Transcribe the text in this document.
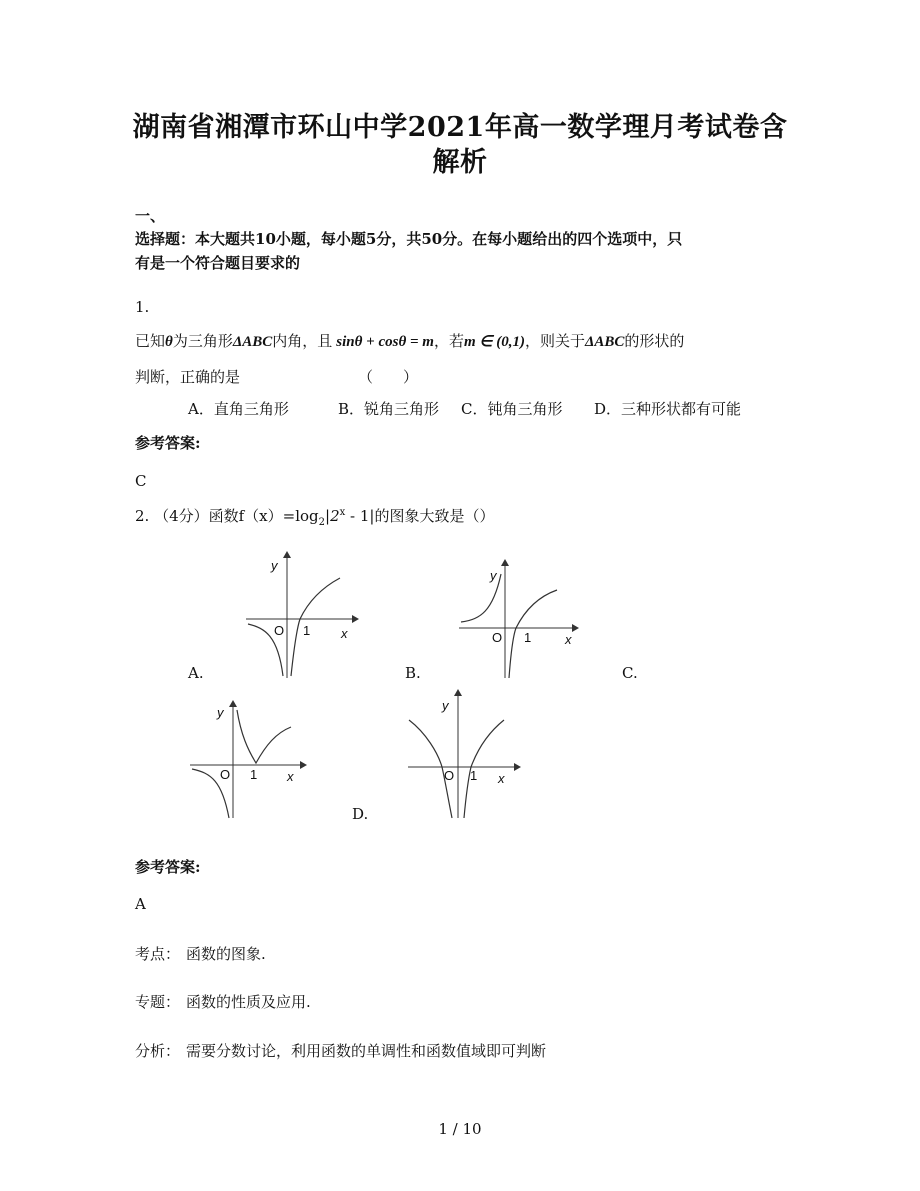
湖南省湘潭市环山中学2021年高一数学理月考试卷含
解析
一、
选择题：本大题共10小题，每小题5分，共50分。在每小题给出的四个选项中，只
有是一个符合题目要求的
1.
已知θ为三角形ΔABC内角，且 sinθ + cosθ = m，若m ∈ (0,1)，则关于ΔABC的形状的
判断，正确的是	（　　）
A．直角三角形	B．锐角三角形 C．钝角三角形 D．三种形状都有可能
参考答案:
C
2. （4分）函数$f(x)=\log_2|2^x - 1|$的图象大致是（）
y
x
O 1
A.
y
x
O 1
B.	C.
y
x
O 1
y
x
O 1
D.
参考答案:
A
考点： 函数的图象.
专题： 函数的性质及应用.
分析： 需要分数讨论，利用函数的单调性和函数值域即可判断
1 / 10
